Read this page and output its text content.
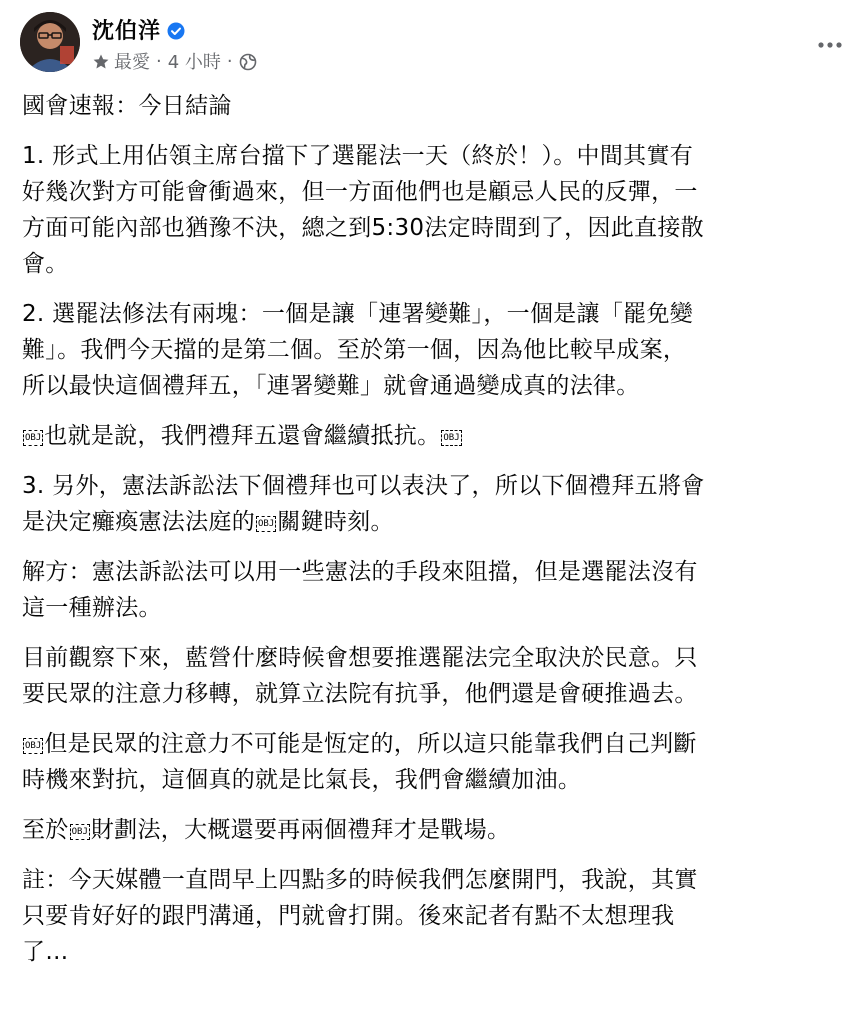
沈伯洋
最愛 · 4 小時 ·

國會速報：今日結論

1. 形式上用佔領主席台擋下了選罷法一天（終於！）。中間其實有
好幾次對方可能會衝過來，但一方面他們也是顧忌人民的反彈，一
方面可能內部也猶豫不決，總之到5:30法定時間到了，因此直接散
會。

2. 選罷法修法有兩塊：一個是讓「連署變難」，一個是讓「罷免變
難」。我們今天擋的是第二個。至於第一個，因為他比較早成案，
所以最快這個禮拜五，「連署變難」就會通過變成真的法律。

OBJ 也就是說，我們禮拜五還會繼續抵抗。 OBJ

3. 另外，憲法訴訟法下個禮拜也可以表決了，所以下個禮拜五將會
是決定癱瘓憲法法庭的 OBJ 關鍵時刻。

解方：憲法訴訟法可以用一些憲法的手段來阻擋，但是選罷法沒有
這一種辦法。

目前觀察下來，藍營什麼時候會想要推選罷法完全取決於民意。只
要民眾的注意力移轉，就算立法院有抗爭，他們還是會硬推過去。

OBJ 但是民眾的注意力不可能是恆定的，所以這只能靠我們自己判斷
時機來對抗，這個真的就是比氣長，我們會繼續加油。

至於 OBJ 財劃法，大概還要再兩個禮拜才是戰場。

註：今天媒體一直問早上四點多的時候我們怎麼開門，我說，其實
只要肯好好的跟門溝通，門就會打開。後來記者有點不太想理我
了…
